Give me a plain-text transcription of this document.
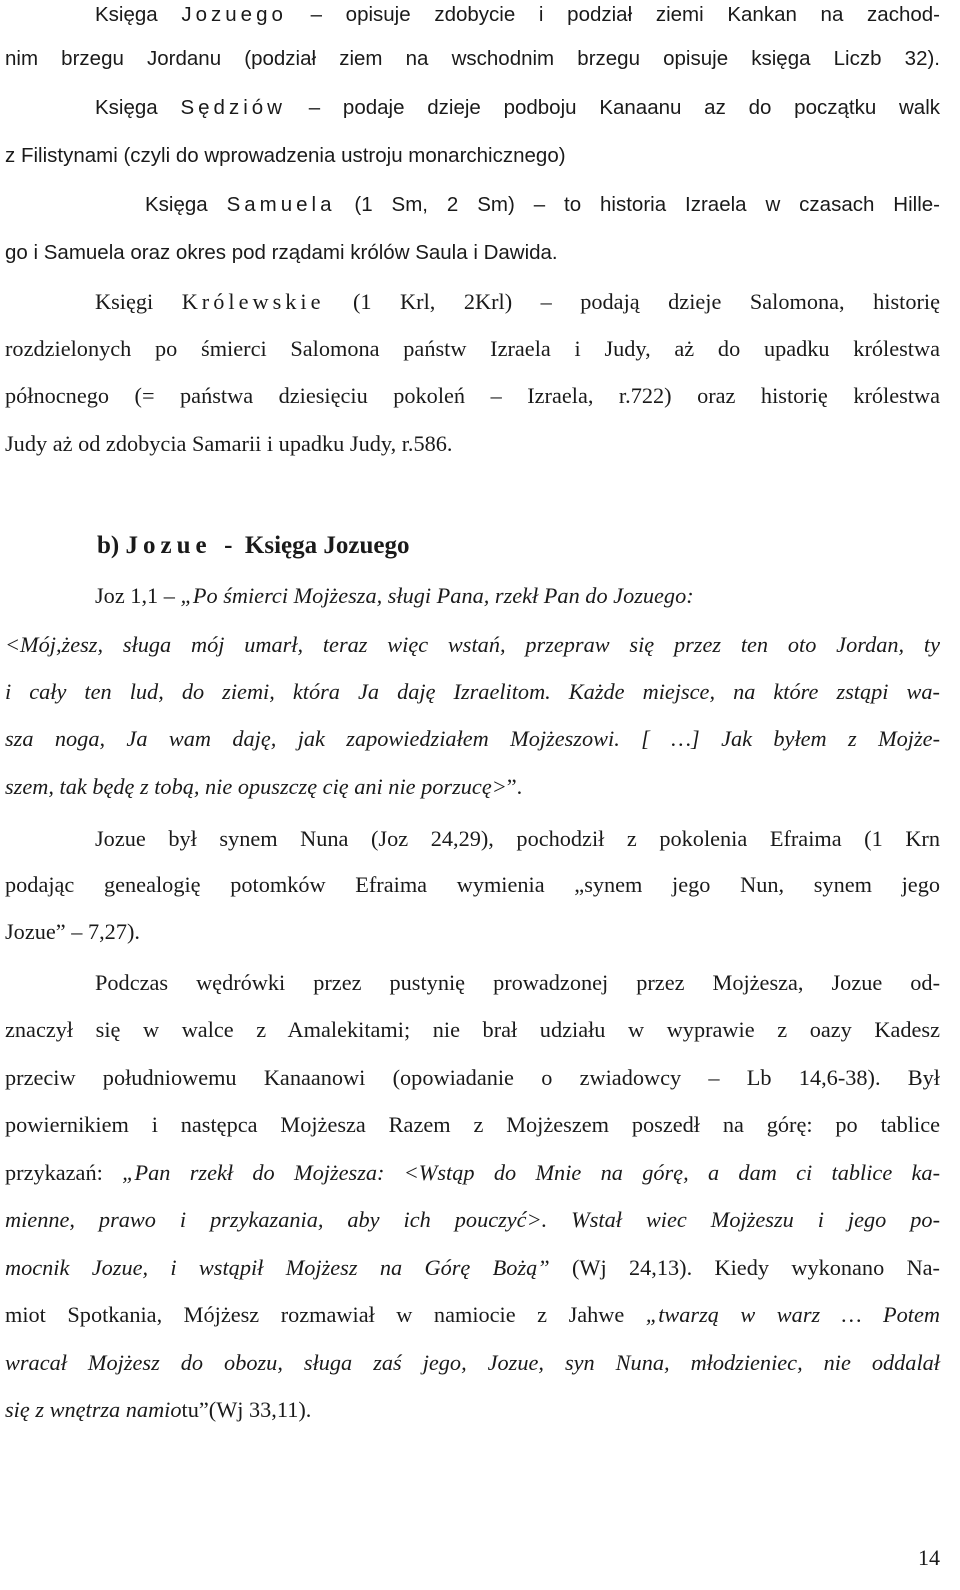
Księga Jozuego – opisuje zdobycie i podział ziemi Kankan na zachod-
nim brzegu Jordanu (podział ziem na wschodnim brzegu opisuje księga Liczb 32).
Księga Sędziów – podaje dzieje podboju Kanaanu az do początku walk
z Filistynami (czyli do wprowadzenia ustroju monarchicznego)
Księga Samuela (1 Sm, 2 Sm) – to historia Izraela w czasach Hille-
go i Samuela oraz okres pod rządami królów Saula i Dawida.
Księgi Królewskie (1 Krl, 2Krl) – podają dzieje Salomona, historię
rozdzielonych po śmierci Salomona państw Izraela i Judy, aż do upadku królestwa
północnego (= państwa dziesięciu pokoleń – Izraela, r.722) oraz historię królestwa
Judy aż od zdobycia Samarii i upadku Judy, r.586.
b) Jozue  -  Księga Jozuego
Joz 1,1 – „Po śmierci Mojżesza, sługi Pana, rzekł Pan do Jozuego:
<Mój,żesz, sługa mój umarł, teraz więc wstań, przepraw się przez ten oto Jordan, ty
i cały ten lud, do ziemi, która Ja daję Izraelitom. Każde miejsce, na które zstąpi wa-
sza noga, Ja wam daję, jak zapowiedziałem Mojżeszowi. [ …] Jak byłem z Mojże-
szem, tak będę z tobą, nie opuszczę cię ani nie porzucę>”.
Jozue był synem Nuna (Joz 24,29), pochodził z pokolenia Efraima (1 Krn
podając genealogię potomków Efraima wymienia „synem jego Nun, synem jego
Jozue” – 7,27).
Podczas wędrówki przez pustynię prowadzonej przez Mojżesza, Jozue od-
znaczył się w walce z Amalekitami; nie brał udziału w wyprawie z oazy Kadesz
przeciw południowemu Kanaanowi (opowiadanie o zwiadowcy – Lb 14,6-38). Był
powiernikiem i następca Mojżesza Razem z Mojżeszem poszedł na górę: po tablice
przykazań: „Pan rzekł do Mojżesza: <Wstąp do Mnie na górę, a dam ci tablice ka-
mienne, prawo i przykazania, aby ich pouczyć>. Wstał wiec Mojżeszu i jego po-
mocnik Jozue, i wstąpił Mojżesz na Górę Bożą” (Wj 24,13). Kiedy wykonano Na-
miot Spotkania, Mójżesz rozmawiał w namiocie z Jahwe „twarzą w warz … Potem
wracał Mojżesz do obozu, sługa zaś jego, Jozue, syn Nuna, młodzieniec, nie oddalał
się z wnętrza namiotu”(Wj 33,11).
14
